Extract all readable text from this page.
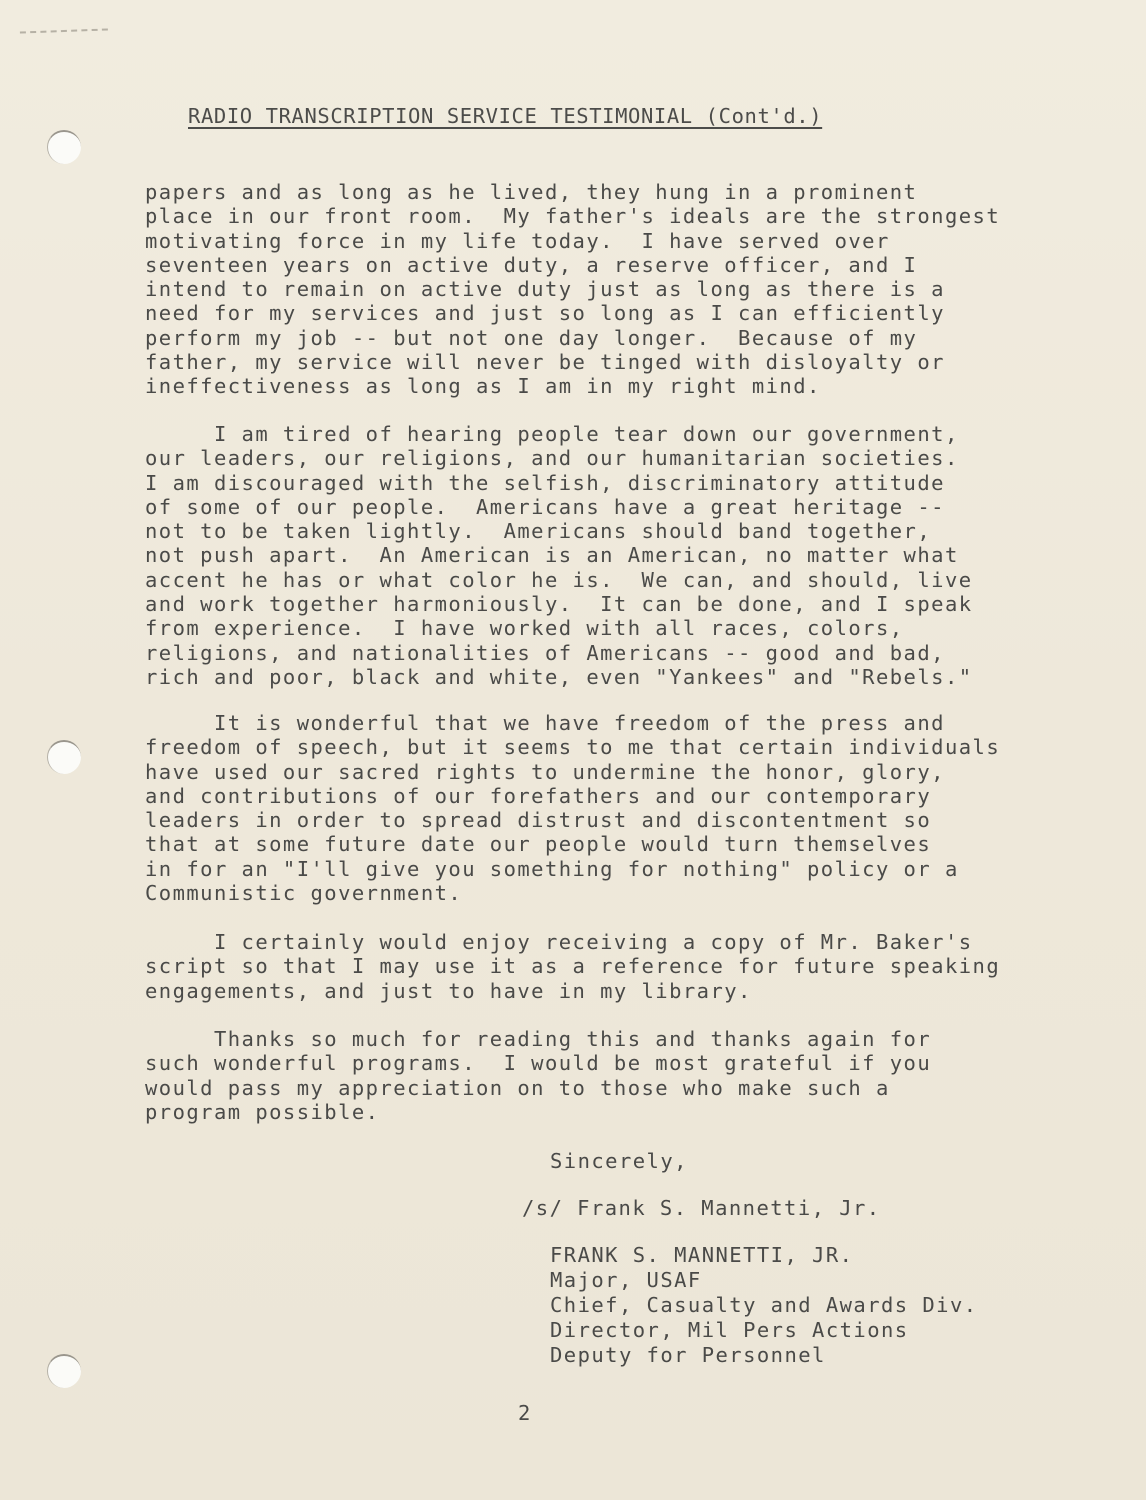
RADIO TRANSCRIPTION SERVICE TESTIMONIAL (Cont'd.)

papers and as long as he lived, they hung in a prominent
place in our front room.  My father's ideals are the strongest
motivating force in my life today.  I have served over
seventeen years on active duty, a reserve officer, and I
intend to remain on active duty just as long as there is a
need for my services and just so long as I can efficiently
perform my job -- but not one day longer.  Because of my
father, my service will never be tinged with disloyalty or
ineffectiveness as long as I am in my right mind.

I am tired of hearing people tear down our government,
our leaders, our religions, and our humanitarian societies.
I am discouraged with the selfish, discriminatory attitude
of some of our people.  Americans have a great heritage --
not to be taken lightly.  Americans should band together,
not push apart.  An American is an American, no matter what
accent he has or what color he is.  We can, and should, live
and work together harmoniously.  It can be done, and I speak
from experience.  I have worked with all races, colors,
religions, and nationalities of Americans -- good and bad,
rich and poor, black and white, even "Yankees" and "Rebels."

It is wonderful that we have freedom of the press and
freedom of speech, but it seems to me that certain individuals
have used our sacred rights to undermine the honor, glory,
and contributions of our forefathers and our contemporary
leaders in order to spread distrust and discontentment so
that at some future date our people would turn themselves
in for an "I'll give you something for nothing" policy or a
Communistic government.

I certainly would enjoy receiving a copy of Mr. Baker's
script so that I may use it as a reference for future speaking
engagements, and just to have in my library.

Thanks so much for reading this and thanks again for
such wonderful programs.  I would be most grateful if you
would pass my appreciation on to those who make such a
program possible.

Sincerely,
/s/ Frank S. Mannetti, Jr.

FRANK S. MANNETTI, JR.
Major, USAF
Chief, Casualty and Awards Div.
Director, Mil Pers Actions
Deputy for Personnel

2
